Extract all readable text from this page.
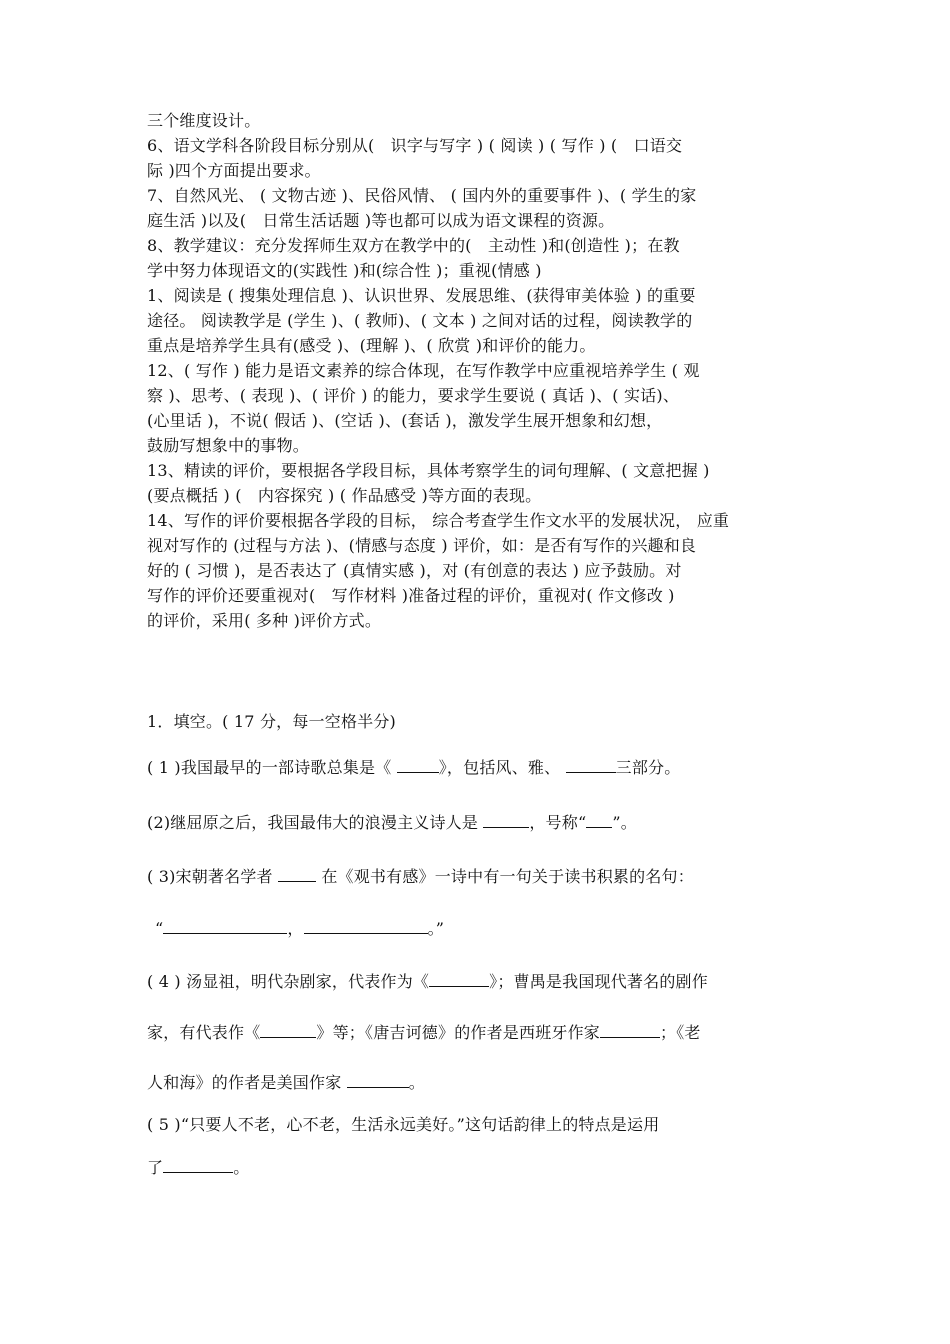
三个维度设计。
6、语文学科各阶段目标分别从(　识字与写字 ) ( 阅读 ) ( 写作 ) (　口语交
际 )四个方面提出要求。
7、自然风光、 ( 文物古迹 )、民俗风情、 ( 国内外的重要事件 )、( 学生的家
庭生活 )以及(　日常生活话题 )等也都可以成为语文课程的资源。
8、教学建议：充分发挥师生双方在教学中的(　主动性 )和(创造性 )；在教
学中努力体现语文的(实践性 )和(综合性 )；重视(情感 )
1、阅读是 ( 搜集处理信息 )、认识世界、发展思维、(获得审美体验 ) 的重要
途径。 阅读教学是 (学生 )、( 教师)、( 文本 ) 之间对话的过程，阅读教学的
重点是培养学生具有(感受 )、(理解 )、( 欣赏 )和评价的能力。
12、( 写作 ) 能力是语文素养的综合体现，在写作教学中应重视培养学生 ( 观
察 )、思考、( 表现 )、( 评价 ) 的能力，要求学生要说 ( 真话 )、( 实话)、
(心里话 )，不说( 假话 )、(空话 )、(套话 )，激发学生展开想象和幻想，
鼓励写想象中的事物。
13、精读的评价，要根据各学段目标，具体考察学生的词句理解、( 文意把握 )
(要点概括 ) (　内容探究 ) ( 作品感受 )等方面的表现。
14、写作的评价要根据各学段的目标， 综合考查学生作文水平的发展状况， 应重
视对写作的 (过程与方法 )、(情感与态度 ) 评价，如：是否有写作的兴趣和良
好的 ( 习惯 )，是否表达了 (真情实感 )，对 (有创意的表达 ) 应予鼓励。对
写作的评价还要重视对(　写作材料 )准备过程的评价，重视对( 作文修改 )
的评价，采用( 多种 )评价方式。
1．填空。( 17 分，每一空格半分)
( 1 )我国最早的一部诗歌总集是《	》，包括风、雅、	三部分。
(2)继屈原之后，我国最伟大的浪漫主义诗人是	，号称“ ”。
( 3)宋朝著名学者  在《观书有感》一诗中有一句关于读书积累的名句：
“	，	。”
( 4 ) 汤显祖，明代杂剧家，代表作为《	》；曹禺是我国现代著名的剧作
家，有代表作《	》等；《唐吉诃德》的作者是西班牙作家	；《老
人和海》的作者是美国作家	。
( 5 )“只要人不老，心不老，生活永远美好。”这句话韵律上的特点是运用
了	。
